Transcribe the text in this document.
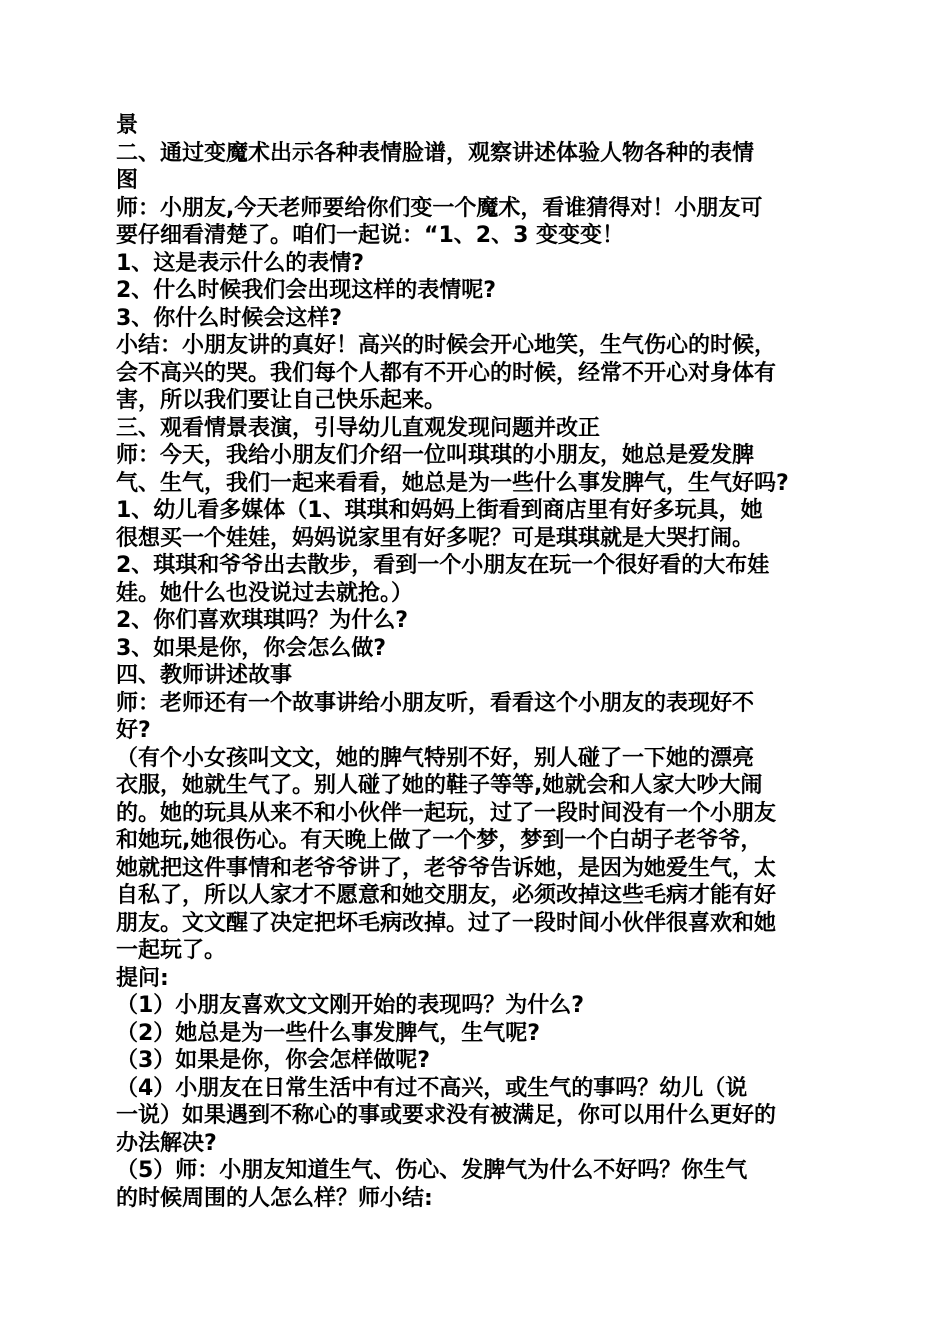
景
二、通过变魔术出示各种表情脸谱，观察讲述体验人物各种的表情
图
师：小朋友,今天老师要给你们变一个魔术，看谁猜得对！小朋友可
要仔细看清楚了。咱们一起说：“1、2、3 变变变！
1、这是表示什么的表情?
2、什么时候我们会出现这样的表情呢?
3、你什么时候会这样?
小结：小朋友讲的真好！高兴的时候会开心地笑，生气伤心的时候，
会不高兴的哭。我们每个人都有不开心的时候，经常不开心对身体有
害，所以我们要让自己快乐起来。
三、观看情景表演，引导幼儿直观发现问题并改正
师：今天，我给小朋友们介绍一位叫琪琪的小朋友，她总是爱发脾
气、生气，我们一起来看看，她总是为一些什么事发脾气，生气好吗?
1、幼儿看多媒体（1、琪琪和妈妈上街看到商店里有好多玩具，她
很想买一个娃娃，妈妈说家里有好多呢？可是琪琪就是大哭打闹。
2、琪琪和爷爷出去散步，看到一个小朋友在玩一个很好看的大布娃
娃。她什么也没说过去就抢。）
2、你们喜欢琪琪吗？为什么?
3、如果是你，你会怎么做?
四、教师讲述故事
师：老师还有一个故事讲给小朋友听，看看这个小朋友的表现好不
好?
（有个小女孩叫文文，她的脾气特别不好，别人碰了一下她的漂亮
衣服，她就生气了。别人碰了她的鞋子等等,她就会和人家大吵大闹
的。她的玩具从来不和小伙伴一起玩，过了一段时间没有一个小朋友
和她玩,她很伤心。有天晚上做了一个梦，梦到一个白胡子老爷爷，
她就把这件事情和老爷爷讲了，老爷爷告诉她，是因为她爱生气，太
自私了，所以人家才不愿意和她交朋友，必须改掉这些毛病才能有好
朋友。文文醒了决定把坏毛病改掉。过了一段时间小伙伴很喜欢和她
一起玩了。
提问:
（1）小朋友喜欢文文刚开始的表现吗？为什么?
（2）她总是为一些什么事发脾气，生气呢?
（3）如果是你，你会怎样做呢?
（4）小朋友在日常生活中有过不高兴，或生气的事吗？幼儿（说
一说）如果遇到不称心的事或要求没有被满足，你可以用什么更好的
办法解决?
（5）师：小朋友知道生气、伤心、发脾气为什么不好吗？你生气
的时候周围的人怎么样？师小结:
